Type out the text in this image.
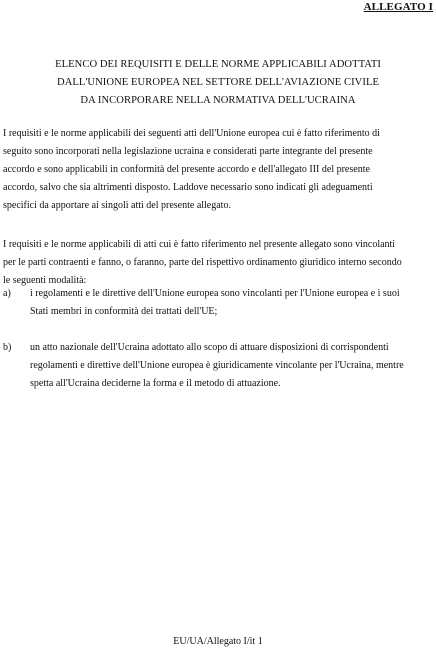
ALLEGATO I
ELENCO DEI REQUISITI E DELLE NORME APPLICABILI ADOTTATI
DALL'UNIONE EUROPEA NEL SETTORE DELL'AVIAZIONE CIVILE
DA INCORPORARE NELLA NORMATIVA DELL'UCRAINA
I requisiti e le norme applicabili dei seguenti atti dell'Unione europea cui è fatto riferimento di
seguito sono incorporati nella legislazione ucraina e considerati parte integrante del presente
accordo e sono applicabili in conformità del presente accordo e dell'allegato III del presente
accordo, salvo che sia altrimenti disposto. Laddove necessario sono indicati gli adeguamenti
specifici da apportare ai singoli atti del presente allegato.
I requisiti e le norme applicabili di atti cui è fatto riferimento nel presente allegato sono vincolanti
per le parti contraenti e fanno, o faranno, parte del rispettivo ordinamento giuridico interno secondo
le seguenti modalità:
a) i regolamenti e le direttive dell'Unione europea sono vincolanti per l'Unione europea e i suoi
Stati membri in conformità dei trattati dell'UE;
b) un atto nazionale dell'Ucraina adottato allo scopo di attuare disposizioni di corrispondenti
regolamenti e direttive dell'Unione europea è giuridicamente vincolante per l'Ucraina, mentre
spetta all'Ucraina deciderne la forma e il metodo di attuazione.
EU/UA/Allegato I/it 1
